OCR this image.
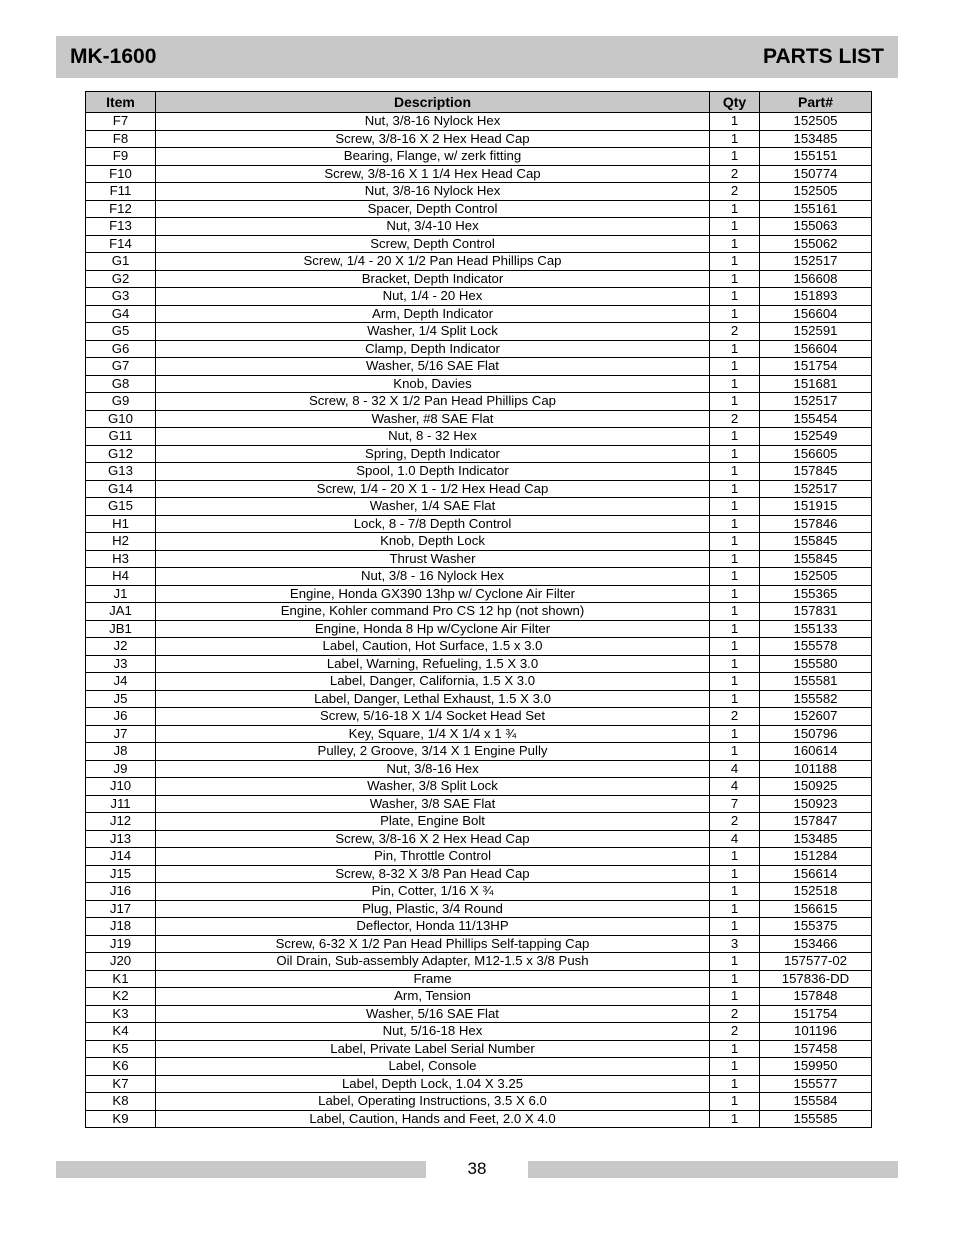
MK-1600	PARTS LIST
Item	Description	Qty	Part#
F7	Nut, 3/8-16 Nylock Hex	1	152505
F8	Screw, 3/8-16 X 2 Hex Head Cap	1	153485
F9	Bearing, Flange, w/ zerk fitting	1	155151
F10	Screw, 3/8-16 X 1 1/4 Hex Head Cap	2	150774
F11	Nut, 3/8-16 Nylock Hex	2	152505
F12	Spacer, Depth Control	1	155161
F13	Nut, 3/4-10 Hex	1	155063
F14	Screw, Depth Control	1	155062
G1	Screw, 1/4 - 20 X 1/2 Pan Head Phillips Cap	1	152517
G2	Bracket, Depth Indicator	1	156608
G3	Nut, 1/4 - 20 Hex	1	151893
G4	Arm, Depth Indicator	1	156604
G5	Washer, 1/4 Split Lock	2	152591
G6	Clamp, Depth Indicator	1	156604
G7	Washer, 5/16 SAE Flat	1	151754
G8	Knob, Davies	1	151681
G9	Screw, 8 - 32 X 1/2 Pan Head Phillips Cap	1	152517
G10	Washer, #8 SAE Flat	2	155454
G11	Nut, 8 - 32 Hex	1	152549
G12	Spring, Depth Indicator	1	156605
G13	Spool, 1.0 Depth Indicator	1	157845
G14	Screw, 1/4 - 20 X 1 - 1/2 Hex Head Cap	1	152517
G15	Washer, 1/4 SAE Flat	1	151915
H1	Lock, 8 - 7/8 Depth Control	1	157846
H2	Knob, Depth Lock	1	155845
H3	Thrust Washer	1	155845
H4	Nut, 3/8 - 16 Nylock Hex	1	152505
J1	Engine, Honda GX390 13hp w/ Cyclone Air Filter	1	155365
JA1	Engine, Kohler command Pro CS 12 hp (not shown)	1	157831
JB1	Engine, Honda 8 Hp w/Cyclone Air Filter	1	155133
J2	Label, Caution, Hot Surface, 1.5 x 3.0	1	155578
J3	Label, Warning, Refueling, 1.5 X 3.0	1	155580
J4	Label, Danger, California, 1.5 X 3.0	1	155581
J5	Label, Danger, Lethal Exhaust, 1.5 X 3.0	1	155582
J6	Screw, 5/16-18 X 1/4 Socket Head Set	2	152607
J7	Key, Square, 1/4 X 1/4 x 1 ¾	1	150796
J8	Pulley, 2 Groove, 3/14 X 1 Engine Pully	1	160614
J9	Nut, 3/8-16 Hex	4	101188
J10	Washer, 3/8 Split Lock	4	150925
J11	Washer, 3/8 SAE Flat	7	150923
J12	Plate, Engine Bolt	2	157847
J13	Screw, 3/8-16 X 2 Hex Head Cap	4	153485
J14	Pin, Throttle Control	1	151284
J15	Screw, 8-32 X 3/8 Pan Head Cap	1	156614
J16	Pin, Cotter, 1/16 X ¾	1	152518
J17	Plug, Plastic, 3/4 Round	1	156615
J18	Deflector, Honda 11/13HP	1	155375
J19	Screw, 6-32 X 1/2 Pan Head Phillips Self-tapping Cap	3	153466
J20	Oil Drain, Sub-assembly Adapter, M12-1.5 x 3/8 Push	1	157577-02
K1	Frame	1	157836-DD
K2	Arm, Tension	1	157848
K3	Washer, 5/16 SAE Flat	2	151754
K4	Nut, 5/16-18 Hex	2	101196
K5	Label, Private Label Serial Number	1	157458
K6	Label, Console	1	159950
K7	Label, Depth Lock, 1.04 X 3.25	1	155577
K8	Label, Operating Instructions, 3.5 X 6.0	1	155584
K9	Label, Caution, Hands and Feet, 2.0 X 4.0	1	155585
38
